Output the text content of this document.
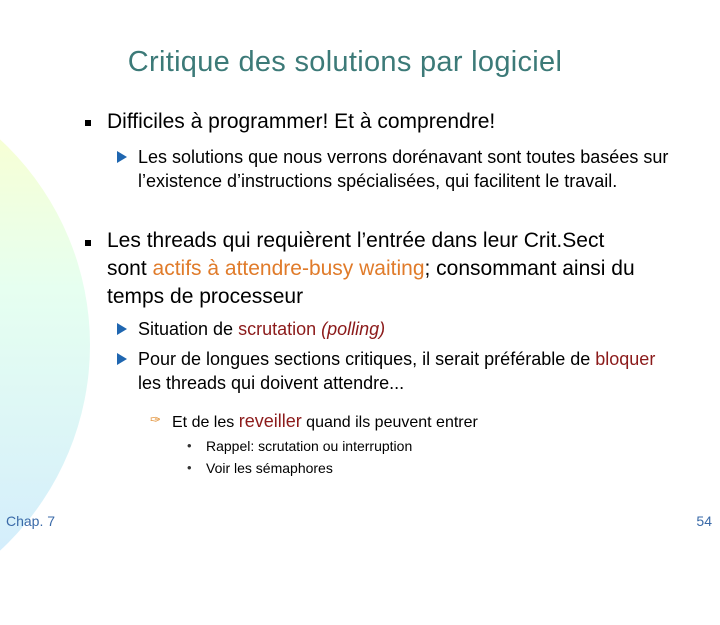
Critique des solutions par logiciel
Difficiles à programmer! Et à comprendre!
Les solutions que nous verrons dorénavant sont toutes basées sur l’existence d’instructions spécialisées, qui facilitent le travail.
Les threads qui requièrent l’entrée dans leur Crit.Sect sont actifs à attendre-busy waiting; consommant ainsi du temps de processeur
Situation de scrutation (polling)
Pour de longues sections critiques, il serait préférable de bloquer les threads qui doivent attendre...
✑ Et de les reveiller quand ils peuvent entrer
• Rappel: scrutation ou interruption
• Voir les sémaphores
Chap. 7	54
